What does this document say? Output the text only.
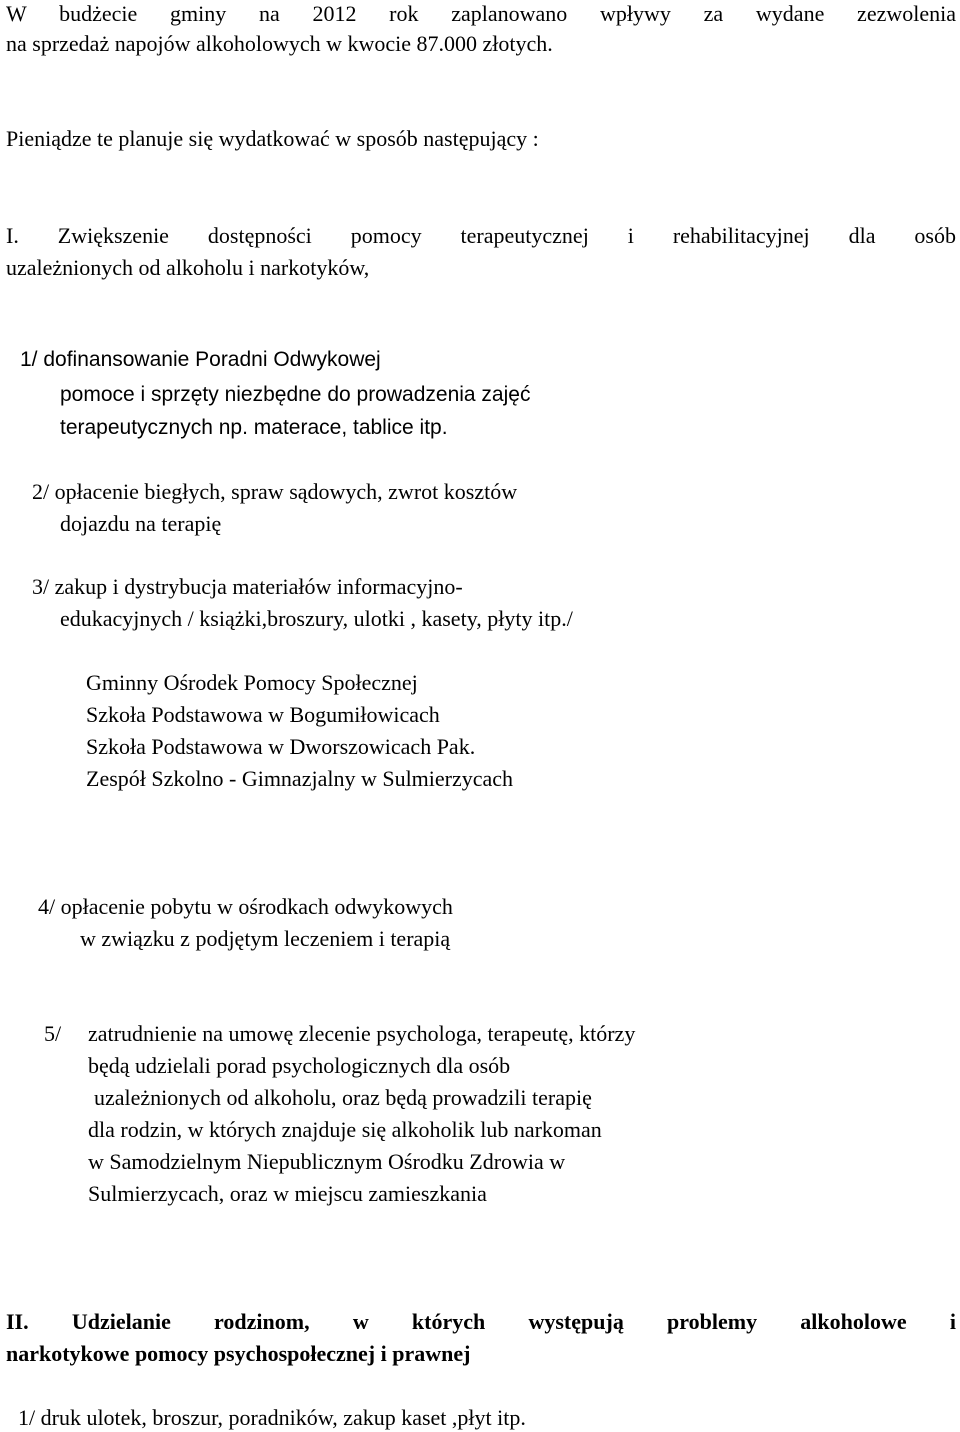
W budżecie gminy na 2012 rok zaplanowano wpływy za wydane zezwolenia

na sprzedaż napojów alkoholowych w kwocie 87.000 złotych.

Pieniądze te planuje się wydatkować w sposób następujący :

I. Zwiększenie dostępności pomocy terapeutycznej i rehabilitacyjnej dla osób

uzależnionych od alkoholu i narkotyków,

1/ dofinansowanie Poradni Odwykowej

pomoce i sprzęty niezbędne do prowadzenia zajęć

terapeutycznych np. materace, tablice itp.

2/ opłacenie biegłych, spraw sądowych, zwrot kosztów

dojazdu na terapię

3/ zakup i dystrybucja materiałów informacyjno-

edukacyjnych / książki,broszury, ulotki , kasety, płyty itp./

Gminny Ośrodek Pomocy Społecznej

Szkoła Podstawowa w Bogumiłowicach

Szkoła Podstawowa w Dworszowicach Pak.

Zespół Szkolno - Gimnazjalny w Sulmierzycach

4/ opłacenie pobytu w ośrodkach odwykowych

w związku z podjętym leczeniem i terapią

5/ zatrudnienie na umowę zlecenie psychologa, terapeutę, którzy

będą udzielali porad psychologicznych dla osób

uzależnionych od alkoholu, oraz będą prowadzili terapię

dla rodzin, w których znajduje się alkoholik lub narkoman

w Samodzielnym Niepublicznym Ośrodku Zdrowia w

Sulmierzycach, oraz w miejscu zamieszkania

II. Udzielanie rodzinom, w których występują problemy alkoholowe i

narkotykowe pomocy psychospołecznej i prawnej

1/ druk ulotek, broszur, poradników, zakup kaset ,płyt itp.
